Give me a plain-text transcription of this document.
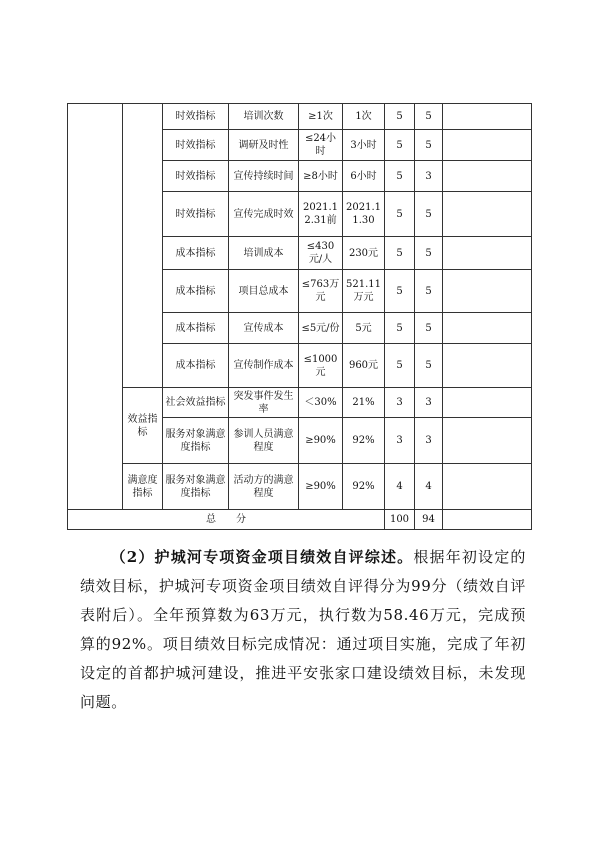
		时效指标	培训次数	≥1次	1次	5	5	
		时效指标	调研及时性	≤24小时	3小时	5	5	
		时效指标	宣传持续时间	≥8小时	6小时	5	3	
		时效指标	宣传完成时效	2021.12.31前	2021.11.30	5	5	
		成本指标	培训成本	≤430元/人	230元	5	5	
		成本指标	项目总成本	≤763万元	521.11万元	5	5	
		成本指标	宣传成本	≤5元/份	5元	5	5	
		成本指标	宣传制作成本	≤1000元	960元	5	5	
	效益指标	社会效益指标	突发事件发生率	＜30%	21%	3	3	
		服务对象满意度指标	参训人员满意程度	≥90%	92%	3	3	
	满意度指标	服务对象满意度指标	活动方的满意程度	≥90%	92%	4	4	
总　　分						100	94	

（2）护城河专项资金项目绩效自评综述。根据年初设定的绩效目标，护城河专项资金项目绩效自评得分为99分（绩效自评表附后）。全年预算数为63万元，执行数为58.46万元，完成预算的92%。项目绩效目标完成情况：通过项目实施，完成了年初设定的首都护城河建设，推进平安张家口建设绩效目标，未发现问题。
